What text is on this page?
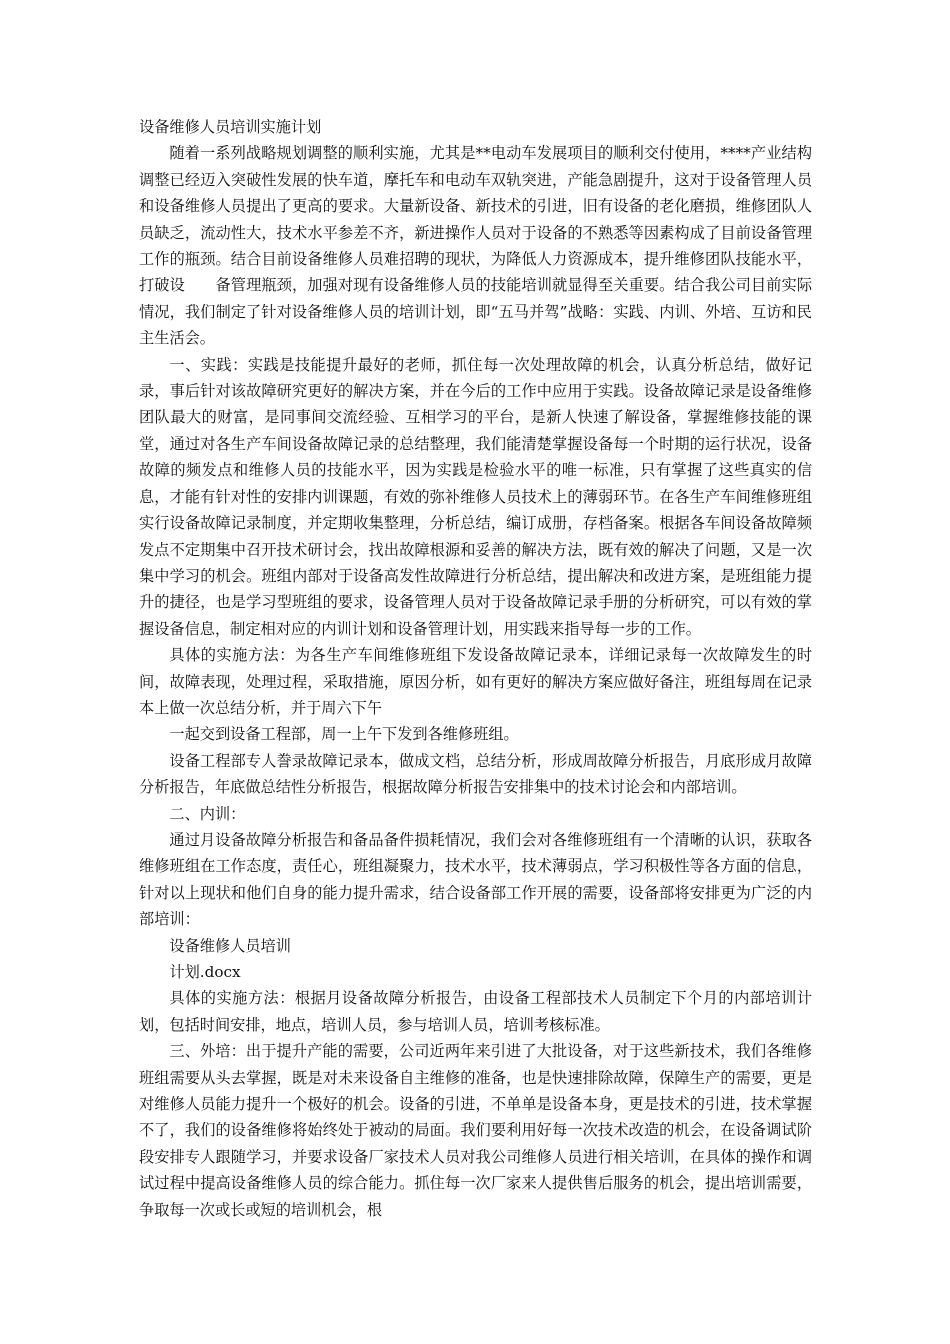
设备维修人员培训实施计划

随着一系列战略规划调整的顺利实施，尤其是**电动车发展项目的顺利交付使用，****产业结构调整已经迈入突破性发展的快车道，摩托车和电动车双轨突进，产能急剧提升，这对于设备管理人员和设备维修人员提出了更高的要求。大量新设备、新技术的引进，旧有设备的老化磨损，维修团队人员缺乏，流动性大，技术水平参差不齐，新进操作人员对于设备的不熟悉等因素构成了目前设备管理工作的瓶颈。结合目前设备维修人员难招聘的现状，为降低人力资源成本，提升维修团队技能水平，打破设　　备管理瓶颈，加强对现有设备维修人员的技能培训就显得至关重要。结合我公司目前实际情况，我们制定了针对设备维修人员的培训计划，即“五马并驾”战略：实践、内训、外培、互访和民主生活会。

一、实践：实践是技能提升最好的老师，抓住每一次处理故障的机会，认真分析总结，做好记录，事后针对该故障研究更好的解决方案，并在今后的工作中应用于实践。设备故障记录是设备维修团队最大的财富，是同事间交流经验、互相学习的平台，是新人快速了解设备，掌握维修技能的课堂，通过对各生产车间设备故障记录的总结整理，我们能清楚掌握设备每一个时期的运行状况，设备故障的频发点和维修人员的技能水平，因为实践是检验水平的唯一标准，只有掌握了这些真实的信息，才能有针对性的安排内训课题，有效的弥补维修人员技术上的薄弱环节。在各生产车间维修班组实行设备故障记录制度，并定期收集整理，分析总结，编订成册，存档备案。根据各车间设备故障频发点不定期集中召开技术研讨会，找出故障根源和妥善的解决方法，既有效的解决了问题，又是一次集中学习的机会。班组内部对于设备高发性故障进行分析总结，提出解决和改进方案，是班组能力提升的捷径，也是学习型班组的要求，设备管理人员对于设备故障记录手册的分析研究，可以有效的掌握设备信息，制定相对应的内训计划和设备管理计划，用实践来指导每一步的工作。

具体的实施方法：为各生产车间维修班组下发设备故障记录本，详细记录每一次故障发生的时间，故障表现，处理过程，采取措施，原因分析，如有更好的解决方案应做好备注，班组每周在记录本上做一次总结分析，并于周六下午

一起交到设备工程部，周一上午下发到各维修班组。

设备工程部专人誊录故障记录本，做成文档，总结分析，形成周故障分析报告，月底形成月故障分析报告，年底做总结性分析报告，根据故障分析报告安排集中的技术讨论会和内部培训。

二、内训：

通过月设备故障分析报告和备品备件损耗情况，我们会对各维修班组有一个清晰的认识，获取各维修班组在工作态度，责任心，班组凝聚力，技术水平，技术薄弱点，学习积极性等各方面的信息，针对以上现状和他们自身的能力提升需求，结合设备部工作开展的需要，设备部将安排更为广泛的内部培训：

设备维修人员培训

计划.docx

具体的实施方法：根据月设备故障分析报告，由设备工程部技术人员制定下个月的内部培训计划，包括时间安排，地点，培训人员，参与培训人员，培训考核标准。

三、外培：出于提升产能的需要，公司近两年来引进了大批设备，对于这些新技术，我们各维修班组需要从头去掌握，既是对未来设备自主维修的准备，也是快速排除故障，保障生产的需要，更是对维修人员能力提升一个极好的机会。设备的引进，不单单是设备本身，更是技术的引进，技术掌握不了，我们的设备维修将始终处于被动的局面。我们要利用好每一次技术改造的机会，在设备调试阶段安排专人跟随学习，并要求设备厂家技术人员对我公司维修人员进行相关培训，在具体的操作和调试过程中提高设备维修人员的综合能力。抓住每一次厂家来人提供售后服务的机会，提出培训需要，争取每一次或长或短的培训机会，根
